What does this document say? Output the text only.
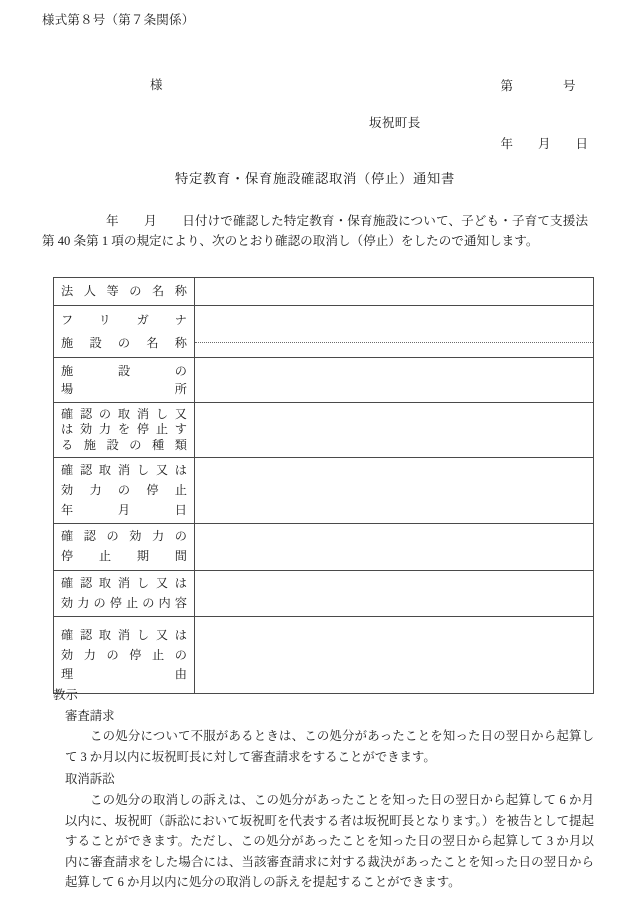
様式第８号（第７条関係）

第　　　　号

年　　月　　日

様
坂祝町長
特定教育・保育施設確認取消（停止）通知書
年　　月　　日付けで確認した特定教育・保育施設について、子ども・子育て支援法第 40 条第 1 項の規定により、次のとおり確認の取消し（停止）をしたので通知します。
法人等の名称	

フリガナ
施設の名称	

施設の
場所	

確認の取消し又
は効力を停止す
る施設の種類	

確認取消し又は
効力の停止
年　月　日	

確認の効力の
停止期間	

確認取消し又は
効力の停止の内容	

確認取消し又は
効力の停止の
理由	

教示
審査請求
この処分について不服があるときは、この処分があったことを知った日の翌日から起算して 3 か月以内に坂祝町長に対して審査請求をすることができます。
取消訴訟
この処分の取消しの訴えは、この処分があったことを知った日の翌日から起算して 6 か月以内に、坂祝町（訴訟において坂祝町を代表する者は坂祝町長となります。）を被告として提起することができます。ただし、この処分があったことを知った日の翌日から起算して 3 か月以内に審査請求をした場合には、当該審査請求に対する裁決があったことを知った日の翌日から起算して 6 か月以内に処分の取消しの訴えを提起することができます。
